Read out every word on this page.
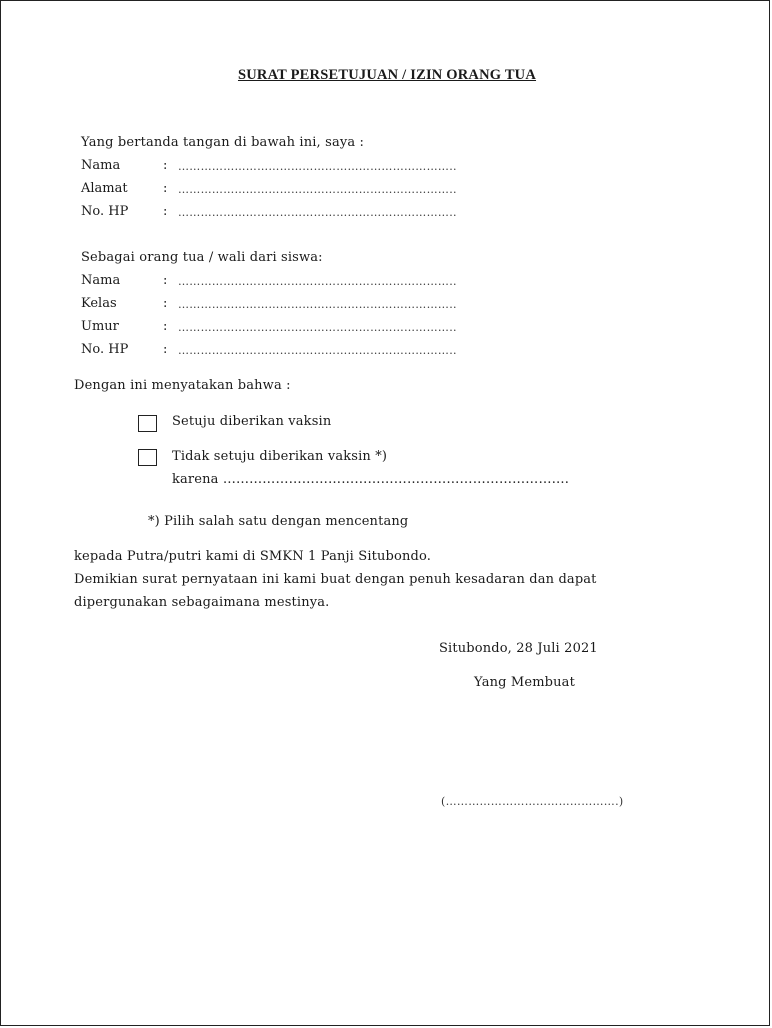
SURAT PERSETUJUAN / IZIN ORANG TUA
Yang bertanda tangan di bawah ini, saya :
Nama	: ………………………………………………………………..
Alamat	: ………………………………………………………………..
No. HP	: ………………………………………………………………..
Sebagai orang tua / wali dari siswa:
Nama	: ………………………………………………………………..
Kelas	: ………………………………………………………………..
Umur	: ………………………………………………………………..
No. HP	: ………………………………………………………………..
Dengan ini menyatakan bahwa :
Setuju diberikan vaksin
Tidak setuju diberikan vaksin *)
karena …………………………………………………………………….
*) Pilih salah satu dengan mencentang
kepada Putra/putri kami di SMKN 1 Panji Situbondo.
Demikian surat pernyataan ini kami buat dengan penuh kesadaran dan dapat
dipergunakan sebagaimana mestinya.
Situbondo, 28 Juli 2021
Yang Membuat
(……………………………………….)
